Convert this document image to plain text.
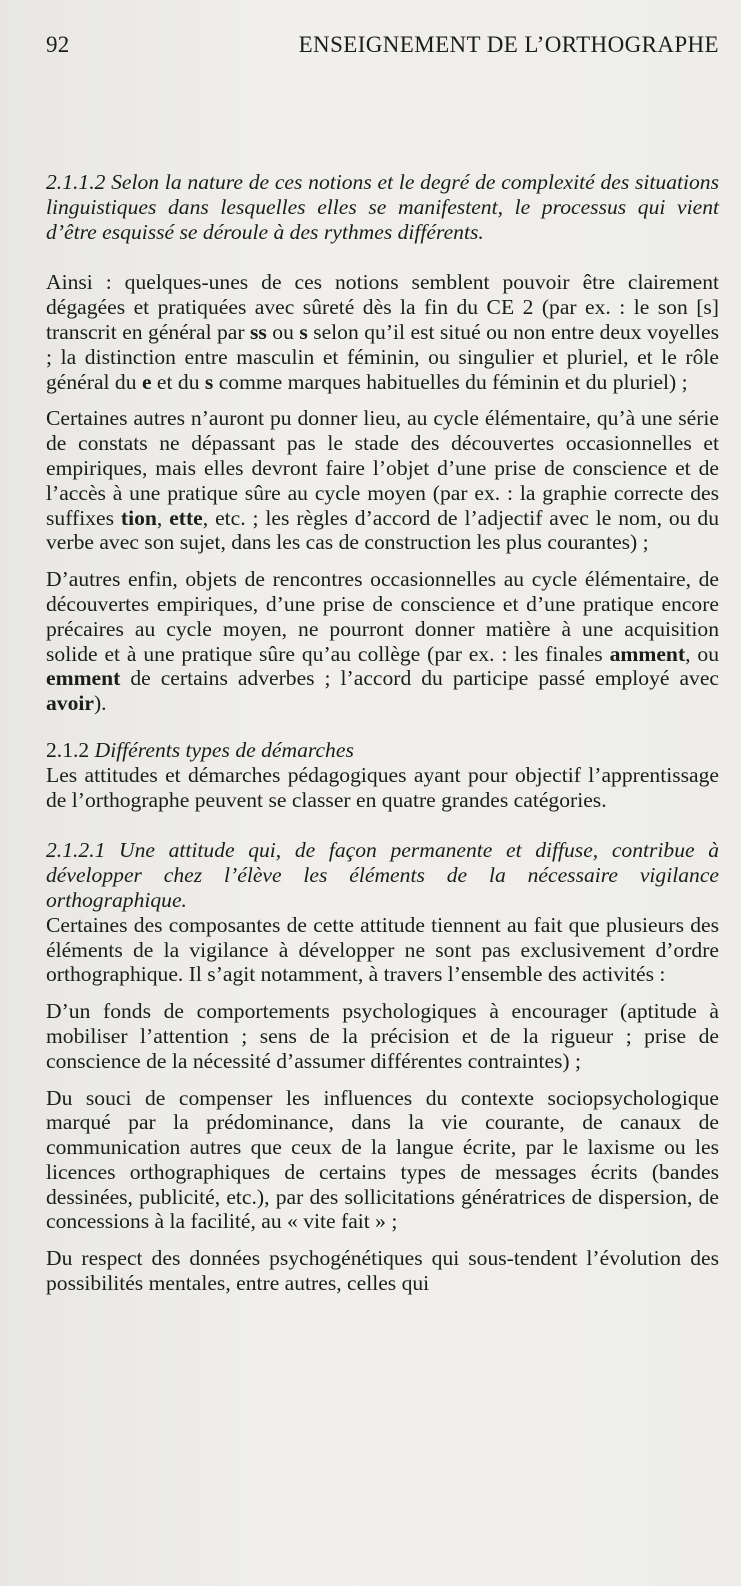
92	ENSEIGNEMENT DE L’ORTHOGRAPHE

2.1.1.2 Selon la nature de ces notions et le degré de complexité des situations linguistiques dans lesquelles elles se manifestent, le processus qui vient d’être esquissé se déroule à des rythmes différents.

Ainsi : quelques-unes de ces notions semblent pouvoir être clairement dégagées et pratiquées avec sûreté dès la fin du CE 2 (par ex. : le son [s] transcrit en général par ss ou s selon qu’il est situé ou non entre deux voyelles ; la distinction entre masculin et féminin, ou singulier et pluriel, et le rôle général du e et du s comme marques habituelles du féminin et du pluriel) ;

Certaines autres n’auront pu donner lieu, au cycle élémentaire, qu’à une série de constats ne dépassant pas le stade des découvertes occasionnelles et empiriques, mais elles devront faire l’objet d’une prise de conscience et de l’accès à une pratique sûre au cycle moyen (par ex. : la graphie correcte des suffixes tion, ette, etc. ; les règles d’accord de l’adjectif avec le nom, ou du verbe avec son sujet, dans les cas de construction les plus courantes) ;

D’autres enfin, objets de rencontres occasionnelles au cycle élémentaire, de découvertes empiriques, d’une prise de conscience et d’une pratique encore précaires au cycle moyen, ne pourront donner matière à une acquisition solide et à une pratique sûre qu’au collège (par ex. : les finales amment, ou emment de certains adverbes ; l’accord du participe passé employé avec avoir).

2.1.2 Différents types de démarches

Les attitudes et démarches pédagogiques ayant pour objectif l’apprentissage de l’orthographe peuvent se classer en quatre grandes catégories.

2.1.2.1 Une attitude qui, de façon permanente et diffuse, contribue à développer chez l’élève les éléments de la nécessaire vigilance orthographique.

Certaines des composantes de cette attitude tiennent au fait que plusieurs des éléments de la vigilance à développer ne sont pas exclusivement d’ordre orthographique. Il s’agit notamment, à travers l’ensemble des activités :

D’un fonds de comportements psychologiques à encourager (aptitude à mobiliser l’attention ; sens de la précision et de la rigueur ; prise de conscience de la nécessité d’assumer différentes contraintes) ;

Du souci de compenser les influences du contexte sociopsychologique marqué par la prédominance, dans la vie courante, de canaux de communication autres que ceux de la langue écrite, par le laxisme ou les licences orthographiques de certains types de messages écrits (bandes dessinées, publicité, etc.), par des sollicitations génératrices de dispersion, de concessions à la facilité, au « vite fait » ;

Du respect des données psychogénétiques qui sous-tendent l’évolution des possibilités mentales, entre autres, celles qui
